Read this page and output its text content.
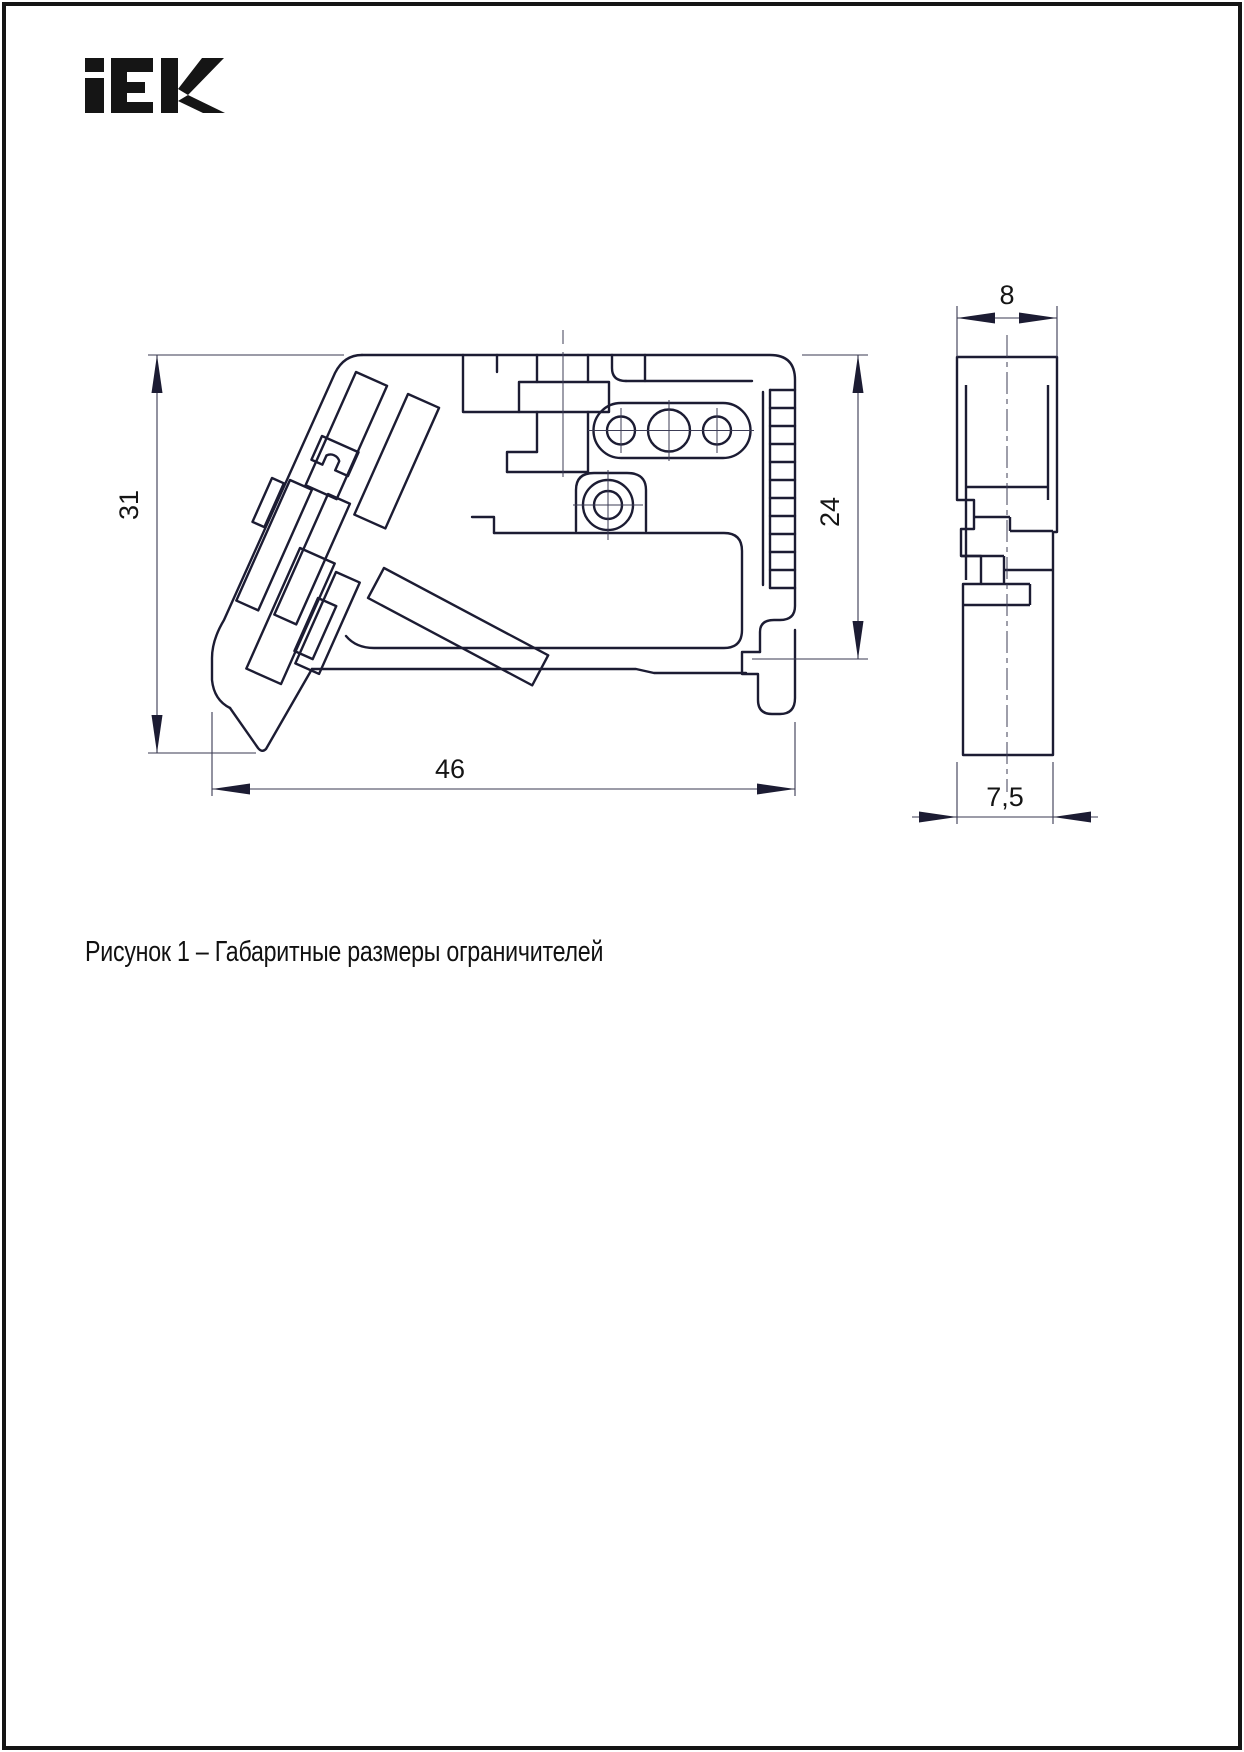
31
46
24
8
7,5
Рисунок 1 – Габаритные размеры ограничителей
